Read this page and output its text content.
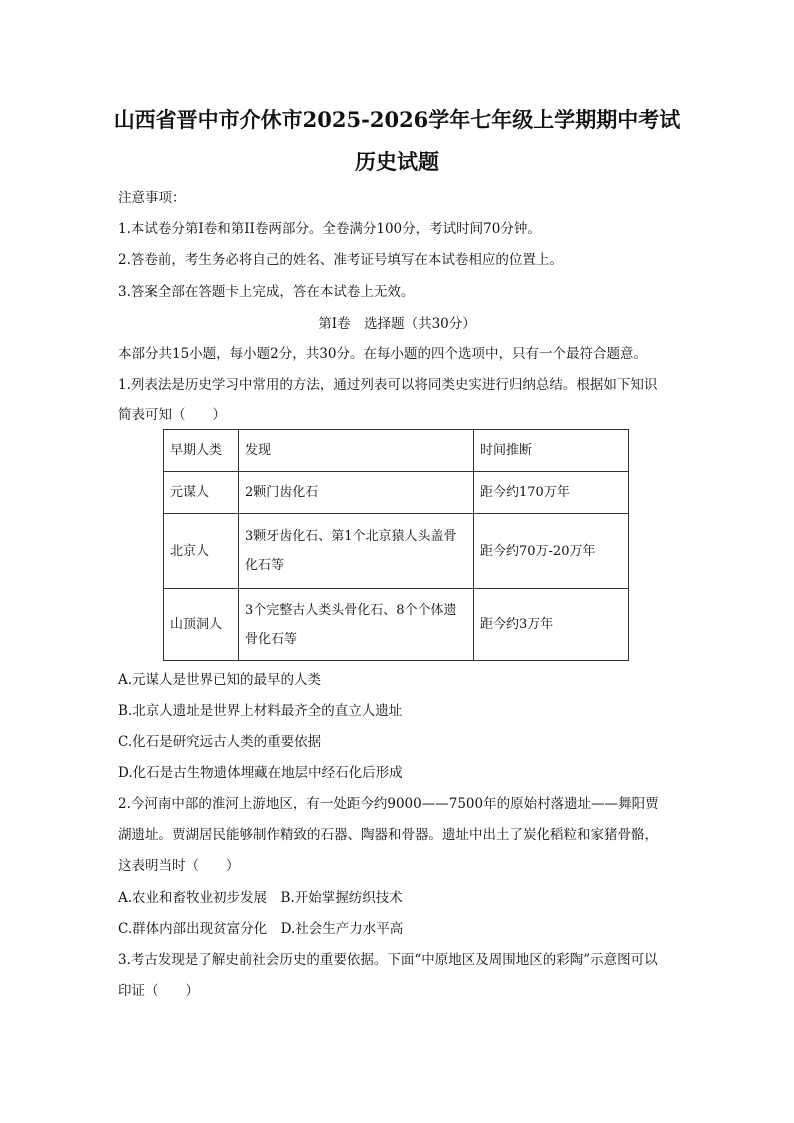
山西省晋中市介休市2025-2026学年七年级上学期期中考试
历史试题
注意事项：
1.本试卷分第I卷和第II卷两部分。全卷满分100分，考试时间70分钟。
2.答卷前，考生务必将自己的姓名、准考证号填写在本试卷相应的位置上。
3.答案全部在答题卡上完成，答在本试卷上无效。
第I卷　选择题（共30分）
本部分共15小题，每小题2分，共30分。在每小题的四个选项中，只有一个最符合题意。
1.列表法是历史学习中常用的方法，通过列表可以将同类史实进行归纳总结。根据如下知识
简表可知（　　）
早期人类	发现	时间推断
元谋人	2颗门齿化石	距今约170万年
北京人	3颗牙齿化石、第1个北京猿人头盖骨化石等	距今约70万-20万年
山顶洞人	3个完整古人类头骨化石、8个个体遗骨化石等	距今约3万年
A.元谋人是世界已知的最早的人类
B.北京人遗址是世界上材料最齐全的直立人遗址
C.化石是研究远古人类的重要依据
D.化石是古生物遗体埋藏在地层中经石化后形成
2.今河南中部的淮河上游地区，有一处距今约9000——7500年的原始村落遗址——舞阳贾
湖遗址。贾湖居民能够制作精致的石器、陶器和骨器。遗址中出土了炭化稻粒和家猪骨骼，
这表明当时（　　）
A.农业和畜牧业初步发展　B.开始掌握纺织技术
C.群体内部出现贫富分化　D.社会生产力水平高
3.考古发现是了解史前社会历史的重要依据。下面“中原地区及周围地区的彩陶”示意图可以
印证（　　）
